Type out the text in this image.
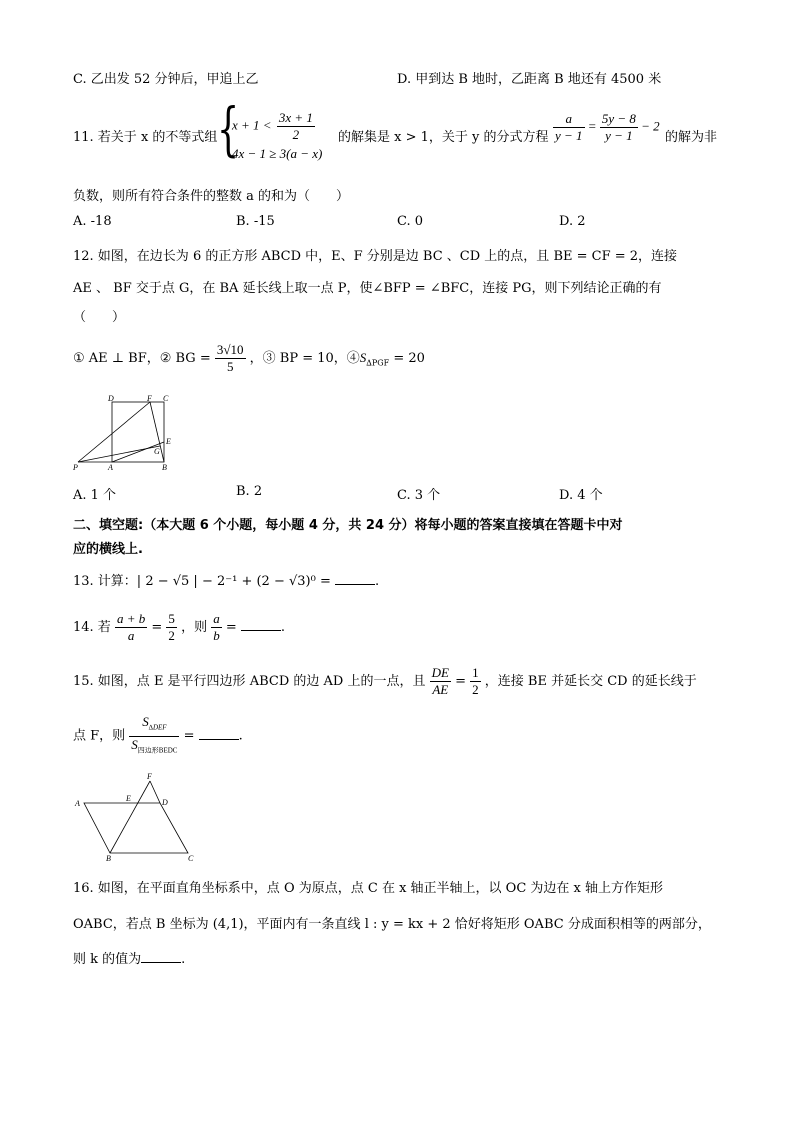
C. 乙出发 52 分钟后，甲追上乙	D. 甲到达 B 地时，乙距离 B 地还有 4500 米
11. 若关于 x 的不等式组 {
$x + 1 < \frac{3x + 1}{2}$
4x − 1 ≥ 3(a − x)
的解集是 x > 1，关于 y 的分式方程 $\frac{a}{y - 1} = \frac{5y - 8}{y - 1} - 2$
的解为非
负数，则所有符合条件的整数 a 的和为（　　）
A. -18	B. -15	C. 0	D. 2
12. 如图，在边长为 6 的正方形 ABCD 中，E、F 分别是边 BC 、CD 上的点，且 BE = CF = 2，连接
AE 、 BF 交于点 G，在 BA 延长线上取一点 P，使∠BFP = ∠BFC，连接 PG，则下列结论正确的有
（　　）
① AE ⊥ BF，② BG = $\frac{3√10}{5}$ ，③ BP = 10，$④S_{\Delta PGF} = 20$
D	F C
E
G
P	A	B
A. 1 个	B. 2	C. 3 个	D. 4 个
二、填空题:（本大题 6 个小题，每小题 4 分，共 24 分）将每小题的答案直接填在答题卡中对
应的横线上.
13. 计算：| 2 − √5 | − 2⁻¹ + (2 − √3)⁰ =	.
14. 若 $\frac{a + b}{a} = \frac{5}{2}$ ，则 $\frac{a}{b}$ =	.
15. 如图，点 E 是平行四边形 ABCD 的边 AD 上的一点，且 $\frac{DE}{AE} = \frac{1}{2}$ ，连接 BE 并延长交 CD 的延长线于
点 F，则 $\frac{S_{\Delta DEF}}{S_{四边形BEDC}}$ =	.
A
E
F
D
B	C
16. 如图，在平面直角坐标系中，点 O 为原点，点 C 在 x 轴正半轴上，以 OC 为边在 x 轴上方作矩形
OABC，若点 B 坐标为 (4,1)，平面内有一条直线 l : y = kx + 2 恰好将矩形 OABC 分成面积相等的两部分，
则 k 的值为	.
